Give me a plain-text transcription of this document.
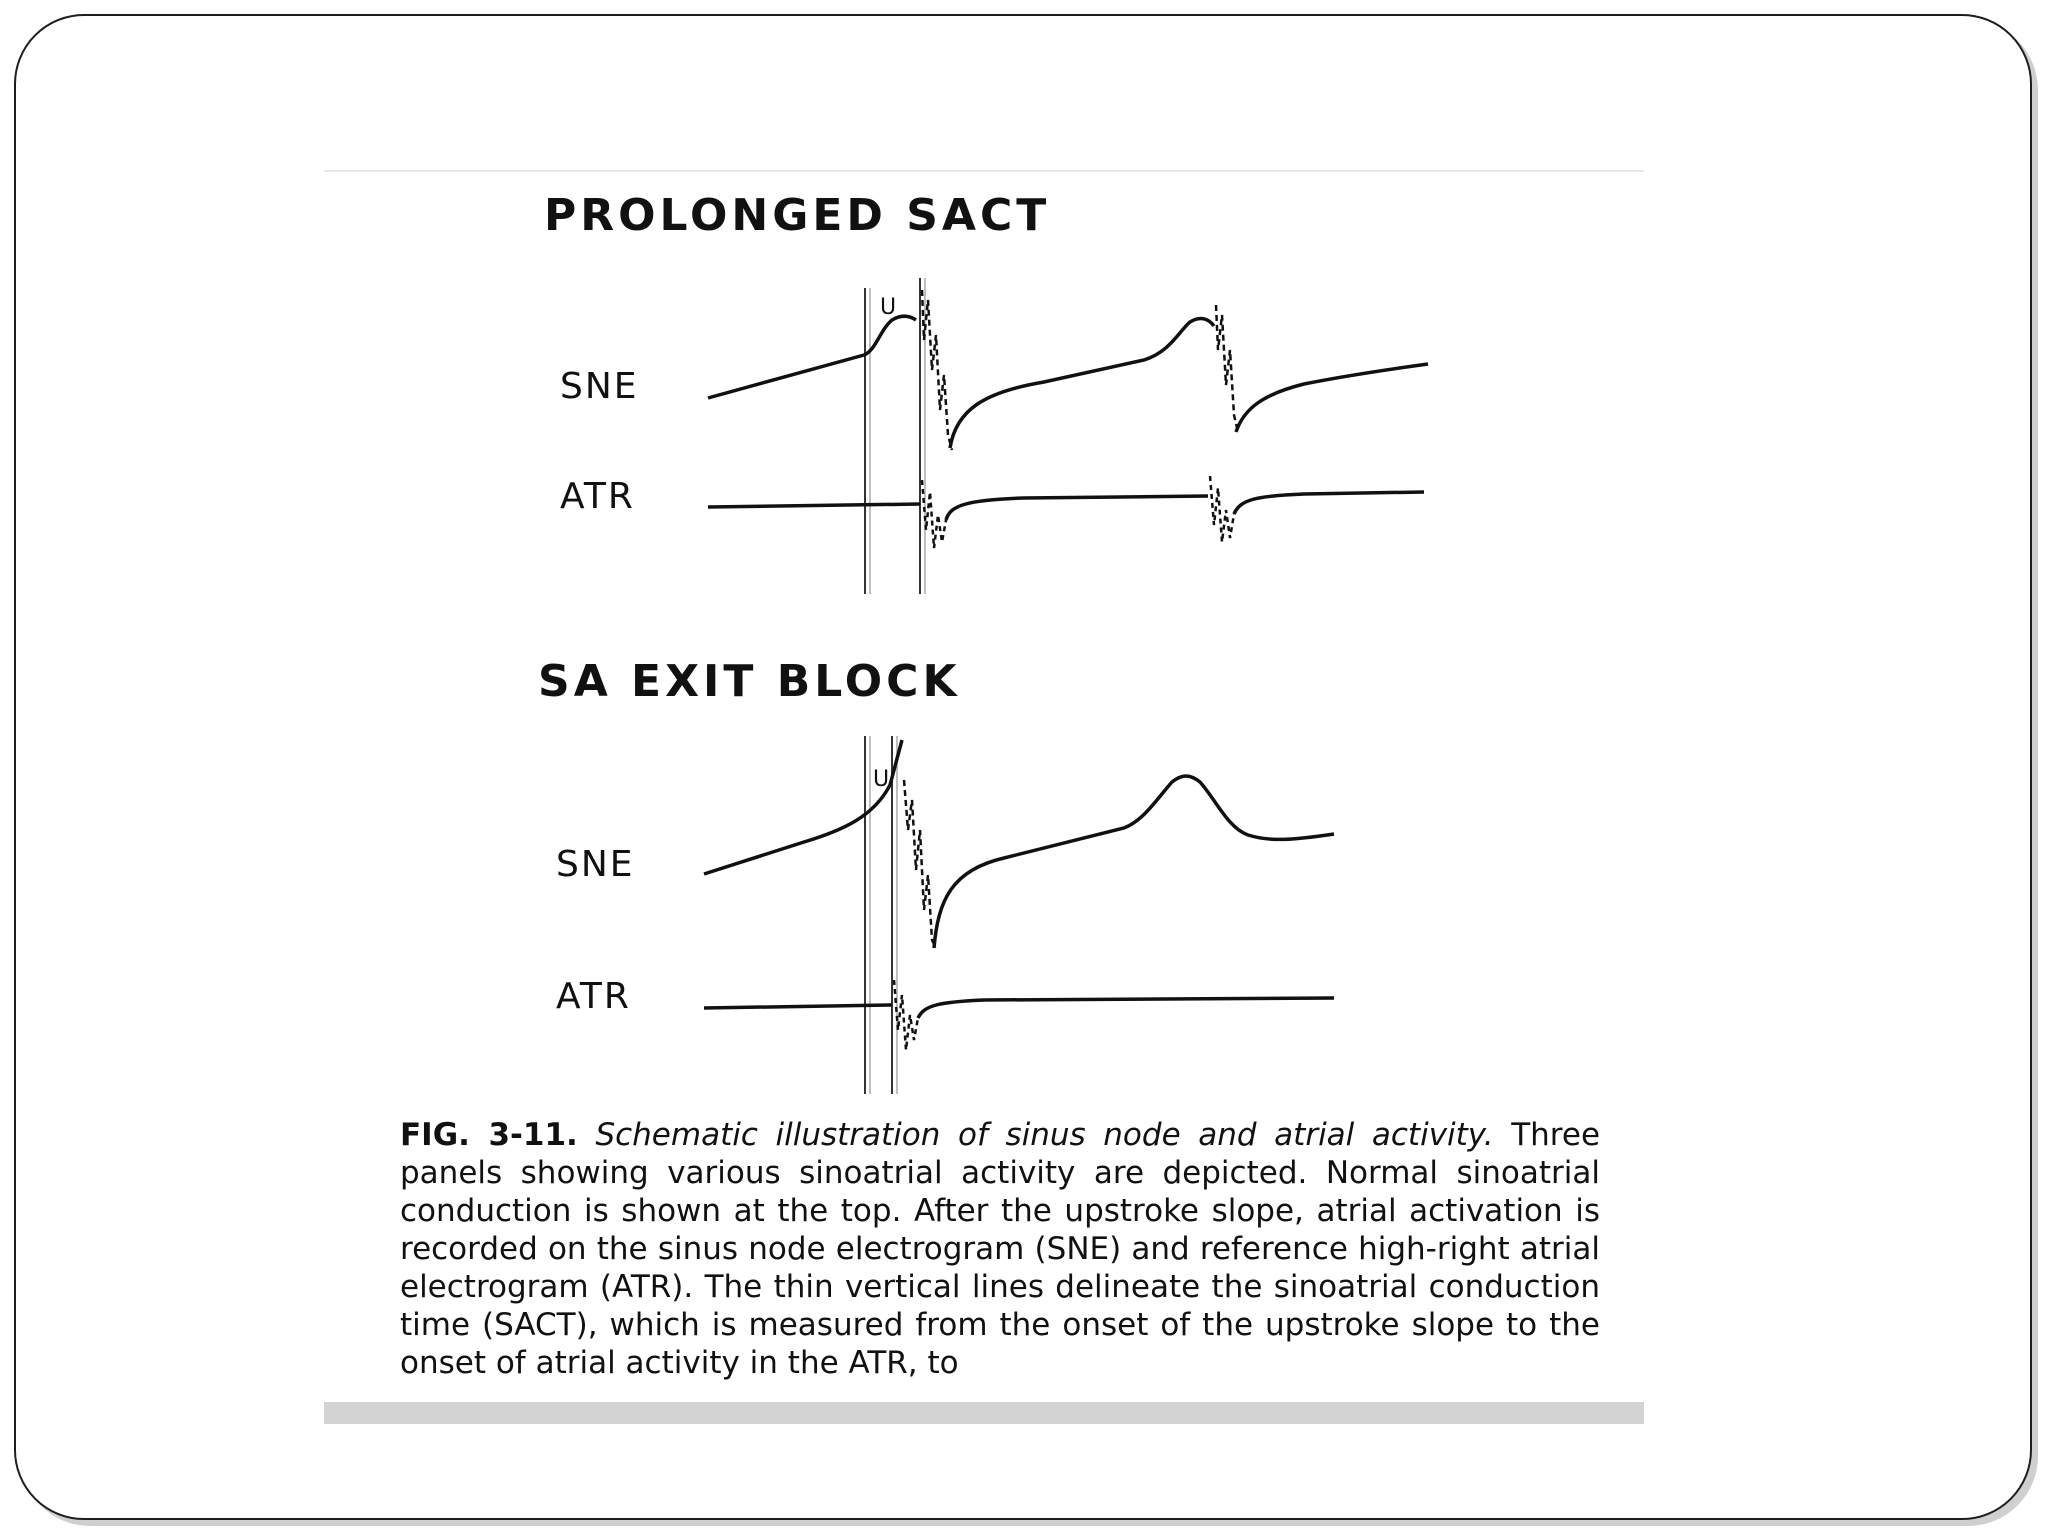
PROLONGED SACT
SNE
ATR
U
SA EXIT BLOCK
SNE
ATR
U
FIG. 3-11. Schematic illustration of sinus node and atrial activity. Three panels showing various sinoatrial activity are depicted. Normal sinoatrial conduction is shown at the top. After the upstroke slope, atrial activation is recorded on the sinus node electrogram (SNE) and reference high-right atrial electrogram (ATR). The thin vertical lines delineate the sinoatrial conduction time (SACT), which is measured from the onset of the upstroke slope to the onset of atrial activity in the ATR, to
